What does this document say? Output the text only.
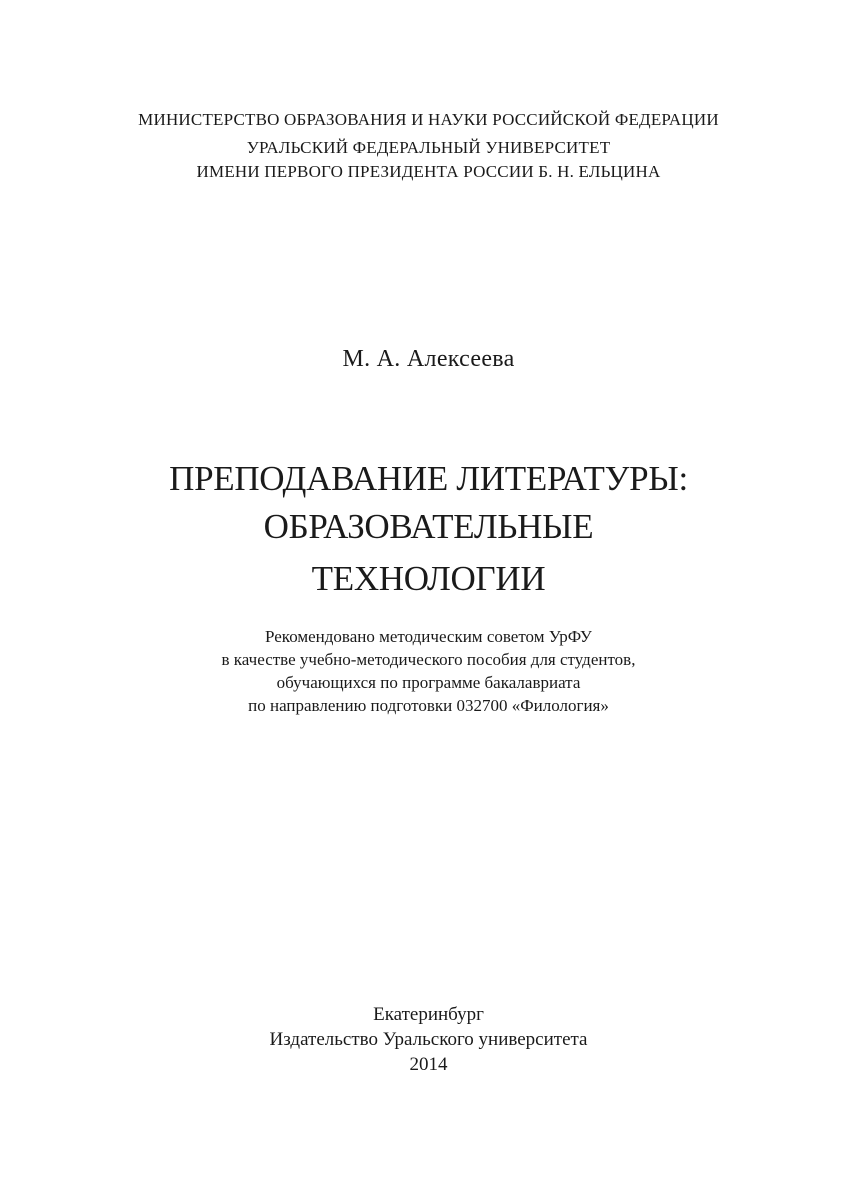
МИНИСТЕРСТВО ОБРАЗОВАНИЯ И НАУКИ РОССИЙСКОЙ ФЕДЕРАЦИИ
УРАЛЬСКИЙ ФЕДЕРАЛЬНЫЙ УНИВЕРСИТЕТ
ИМЕНИ ПЕРВОГО ПРЕЗИДЕНТА РОССИИ Б. Н. ЕЛЬЦИНА
М. А. Алексеева
ПРЕПОДАВАНИЕ ЛИТЕРАТУРЫ:
ОБРАЗОВАТЕЛЬНЫЕ
ТЕХНОЛОГИИ
Рекомендовано методическим советом УрФУ
в качестве учебно-методического пособия для студентов,
обучающихся по программе бакалавриата
по направлению подготовки 032700 «Филология»
Екатеринбург
Издательство Уральского университета
2014
